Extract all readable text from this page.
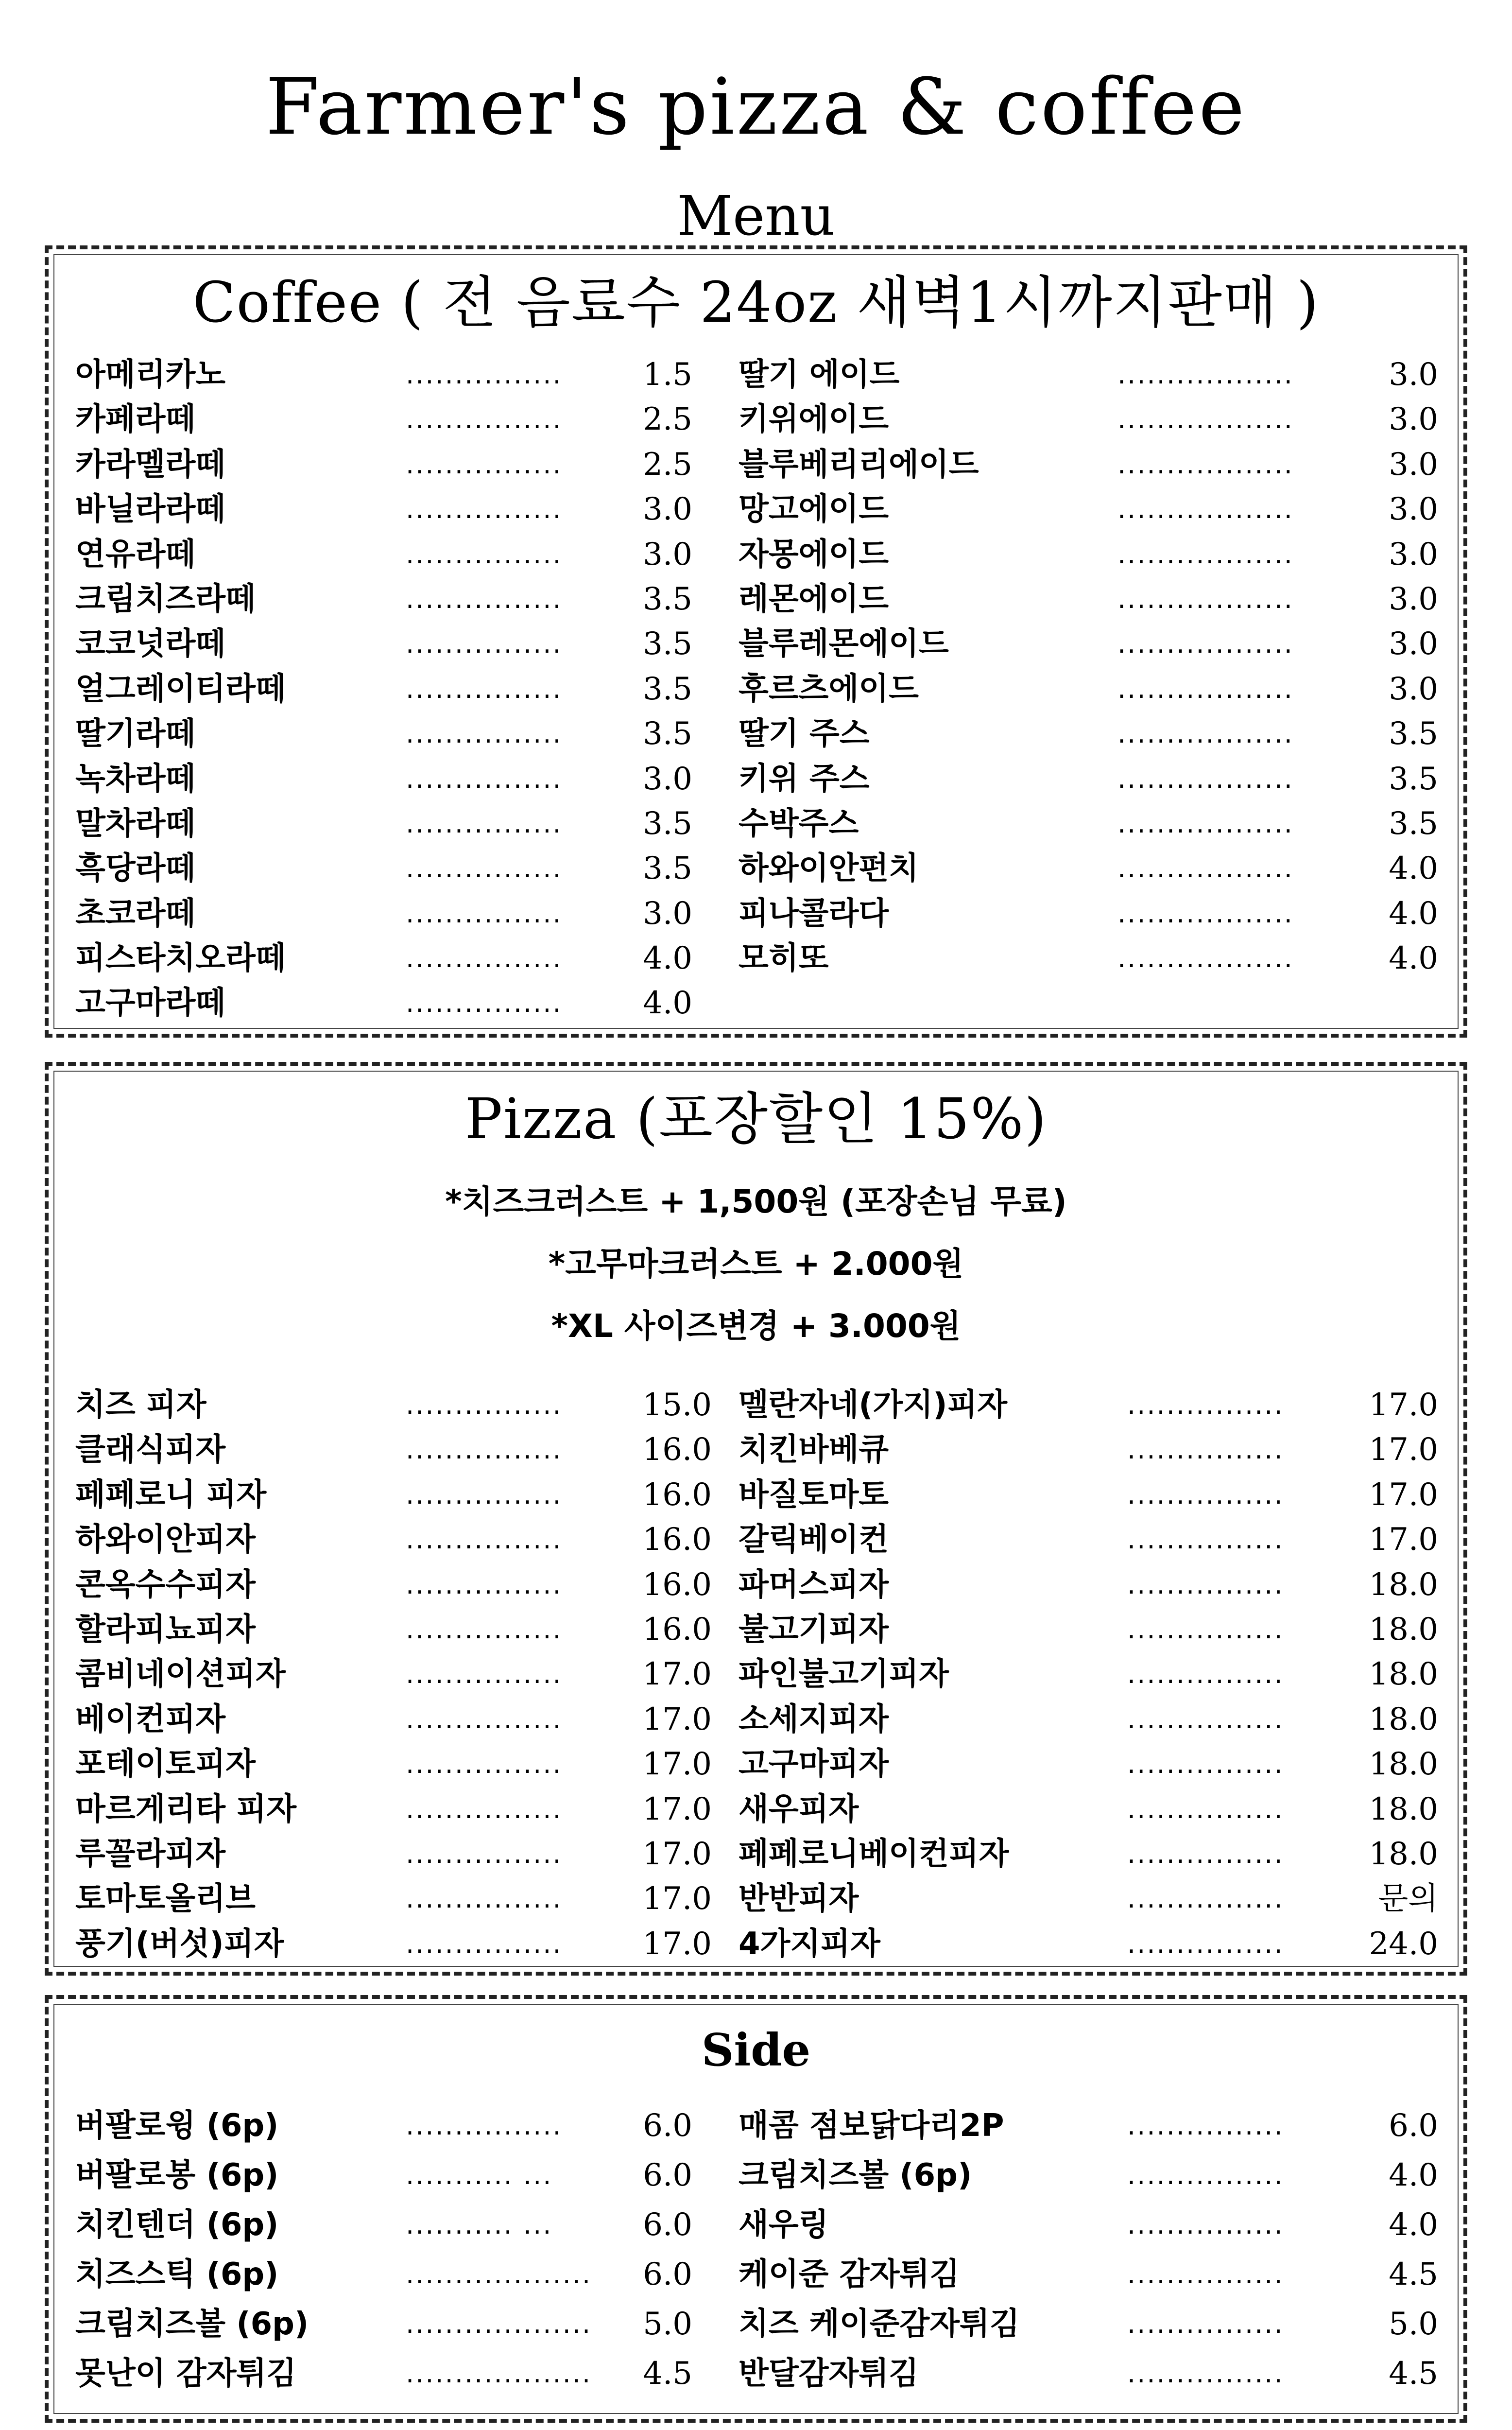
Farmer's pizza & coffee
Menu
Coffee ( 전 음료수 24oz 새벽1시까지판매 )
아메리카노	................	1.5
카페라떼	................	2.5
카라멜라떼	................	2.5
바닐라라떼	................	3.0
연유라떼	................	3.0
크림치즈라떼	................	3.5
코코넛라떼	................	3.5
얼그레이티라떼	................	3.5
딸기라떼	................	3.5
녹차라떼	................	3.0
말차라떼	................	3.5
흑당라떼	................	3.5
초코라떼	................	3.0
피스타치오라떼	................	4.0
고구마라떼	................	4.0
딸기 에이드	..................	3.0
키위에이드	..................	3.0
블루베리리에이드	..................	3.0
망고에이드	..................	3.0
자몽에이드	..................	3.0
레몬에이드	..................	3.0
블루레몬에이드	..................	3.0
후르츠에이드	..................	3.0
딸기 주스	..................	3.5
키위 주스	..................	3.5
수박주스	..................	3.5
하와이안펀치	..................	4.0
피나콜라다	..................	4.0
모히또	..................	4.0
Pizza (포장할인 15%)
*치즈크러스트 + 1,500원 (포장손님 무료)
*고무마크러스트 + 2.000원
*XL 사이즈변경 + 3.000원
치즈 피자	................	15.0
클래식피자	................	16.0
페페로니 피자	................	16.0
하와이안피자	................	16.0
콘옥수수피자	................	16.0
할라피뇨피자	................	16.0
콤비네이션피자	................	17.0
베이컨피자	................	17.0
포테이토피자	................	17.0
마르게리타 피자	................	17.0
루꼴라피자	................	17.0
토마토올리브	................	17.0
풍기(버섯)피자	................	17.0
멜란자네(가지)피자	................	17.0
치킨바베큐	................	17.0
바질토마토	................	17.0
갈릭베이컨	................	17.0
파머스피자	................	18.0
불고기피자	................	18.0
파인불고기피자	................	18.0
소세지피자	................	18.0
고구마피자	................	18.0
새우피자	................	18.0
페페로니베이컨피자	................	18.0
반반피자	................	문의
4가지피자	................	24.0
Side
버팔로윙 (6p)	................	6.0
버팔로봉 (6p)	........... ...	6.0
치킨텐더 (6p)	........... ...	6.0
치즈스틱 (6p)	...................	6.0
크림치즈볼 (6p)	...................	5.0
못난이 감자튀김	...................	4.5
매콤 점보닭다리2P	................	6.0
크림치즈볼 (6p)	................	4.0
새우링	................	4.0
케이준 감자튀김	................	4.5
치즈 케이준감자튀김	................	5.0
반달감자튀김	................	4.5
